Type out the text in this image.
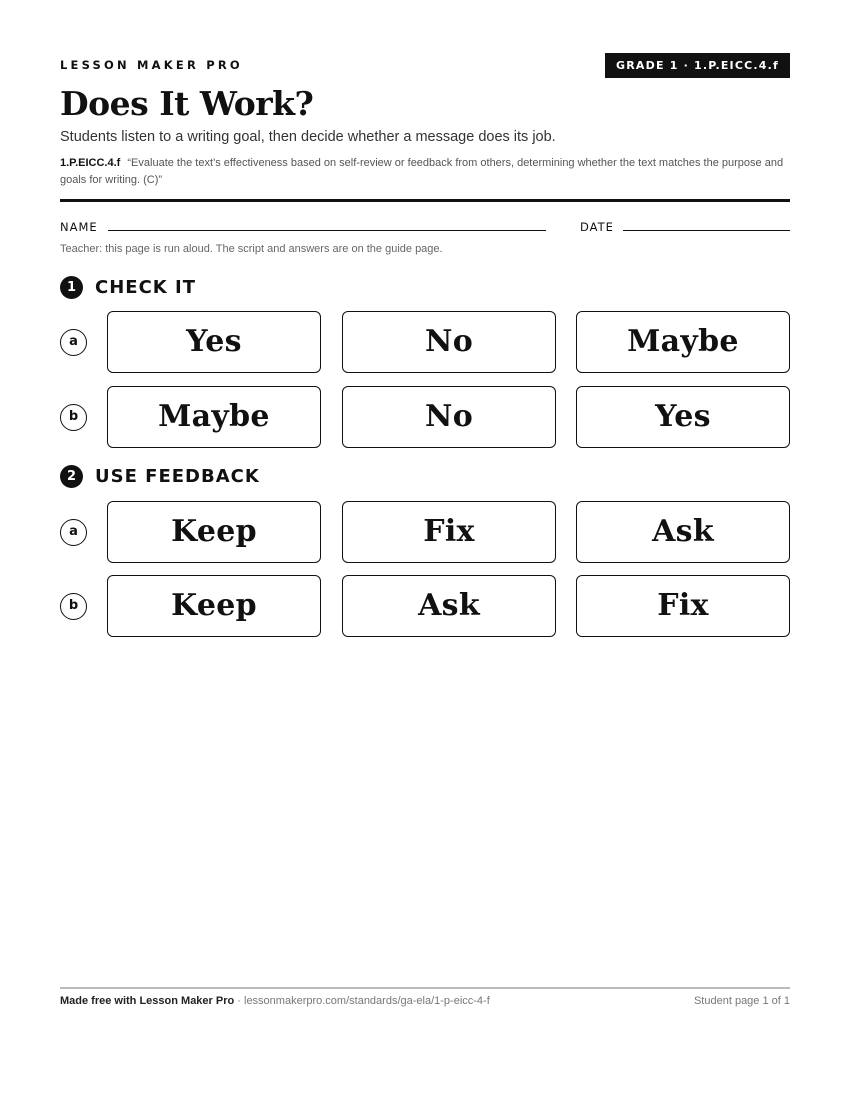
LESSON MAKER PRO	GRADE 1 · 1.P.EICC.4.f
Does It Work?
Students listen to a writing goal, then decide whether a message does its job.
1.P.EICC.4.f “Evaluate the text’s effectiveness based on self-review or feedback from others, determining whether the text matches the purpose and goals for writing. (C)”
NAME	DATE
Teacher: this page is run aloud. The script and answers are on the guide page.
1	CHECK IT
a	Yes	No	Maybe
b	Maybe	No	Yes
2	USE FEEDBACK
a	Keep	Fix	Ask
b	Keep	Ask	Fix
Made free with Lesson Maker Pro · lessonmakerpro.com/standards/ga-ela/1-p-eicc-4-f	Student page 1 of 1
